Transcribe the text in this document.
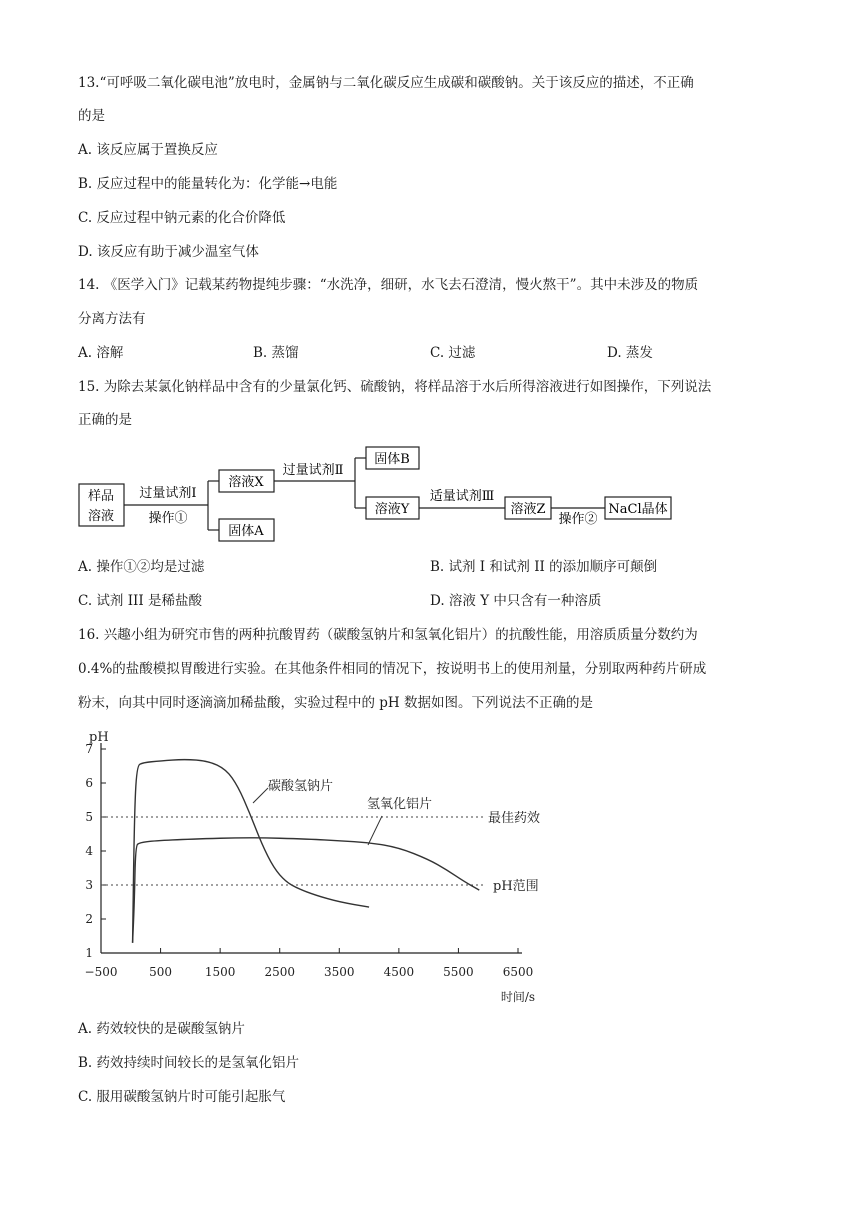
13.“可呼吸二氧化碳电池”放电时，金属钠与二氧化碳反应生成碳和碳酸钠。关于该反应的描述，不正确
的是
A. 该反应属于置换反应
B. 反应过程中的能量转化为：化学能→电能
C. 反应过程中钠元素的化合价降低
D. 该反应有助于减少温室气体
14. 《医学入门》记载某药物提纯步骤：“水洗净，细研，水飞去石澄清，慢火熬干”。其中未涉及的物质
分离方法有
A. 溶解	B. 蒸馏	C. 过滤	D. 蒸发
15. 为除去某氯化钠样品中含有的少量氯化钙、硫酸钠，将样品溶于水后所得溶液进行如图操作，下列说法
正确的是
样品
溶液
过量试剂Ⅰ
操作①
溶液X
固体A
过量试剂Ⅱ
固体B
溶液Y
适量试剂Ⅲ
溶液Z
操作②
NaCl晶体
A. 操作①②均是过滤	B. 试剂 I 和试剂 II 的添加顺序可颠倒
C. 试剂 III 是稀盐酸	D. 溶液 Y 中只含有一种溶质
16. 兴趣小组为研究市售的两种抗酸胃药（碳酸氢钠片和氢氧化铝片）的抗酸性能，用溶质质量分数约为
0.4%的盐酸模拟胃酸进行实验。在其他条件相同的情况下，按说明书上的使用剂量，分别取两种药片研成
粉末，向其中同时逐滴滴加稀盐酸，实验过程中的 pH 数据如图。下列说法不正确的是
1
2
3
4
5
6
7
−500	500	1500 2500 3500 4500 5500 6500
pH
时间/s
最佳药效
pH范围
碳酸氢钠片
氢氧化铝片
A. 药效较快的是碳酸氢钠片
B. 药效持续时间较长的是氢氧化铝片
C. 服用碳酸氢钠片时可能引起胀气
